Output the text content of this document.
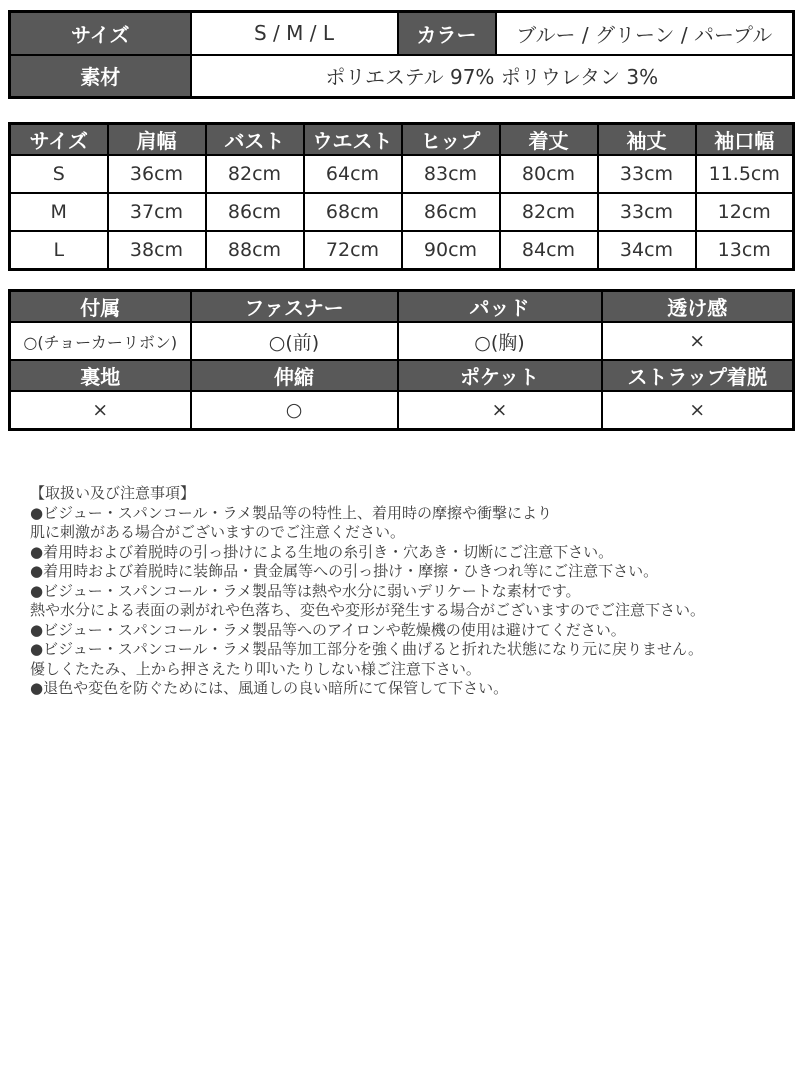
サイズ	S / M / L	カラー	ブルー / グリーン / パープル
素材	ポリエステル 97% ポリウレタン 3%		
サイズ	肩幅	バスト	ウエスト	ヒップ	着丈	袖丈	袖口幅
S	36cm	82cm	64cm	83cm	80cm	33cm	11.5cm
M	37cm	86cm	68cm	86cm	82cm	33cm	12cm
L	38cm	88cm	72cm	90cm	84cm	34cm	13cm
付属	ファスナー	パッド	透け感
○(チョーカーリボン)	○(前)	○(胸)	×
裏地	伸縮	ポケット	ストラップ着脱
×	○	×	×
【取扱い及び注意事項】
●ビジュー・スパンコール・ラメ製品等の特性上、着用時の摩擦や衝撃により
肌に刺激がある場合がございますのでご注意ください。
●着用時および着脱時の引っ掛けによる生地の糸引き・穴あき・切断にご注意下さい。
●着用時および着脱時に装飾品・貴金属等への引っ掛け・摩擦・ひきつれ等にご注意下さい。
●ビジュー・スパンコール・ラメ製品等は熱や水分に弱いデリケートな素材です。
熱や水分による表面の剥がれや色落ち、変色や変形が発生する場合がございますのでご注意下さい。
●ビジュー・スパンコール・ラメ製品等へのアイロンや乾燥機の使用は避けてください。
●ビジュー・スパンコール・ラメ製品等加工部分を強く曲げると折れた状態になり元に戻りません。
優しくたたみ、上から押さえたり叩いたりしない様ご注意下さい。
●退色や変色を防ぐためには、風通しの良い暗所にて保管して下さい。
